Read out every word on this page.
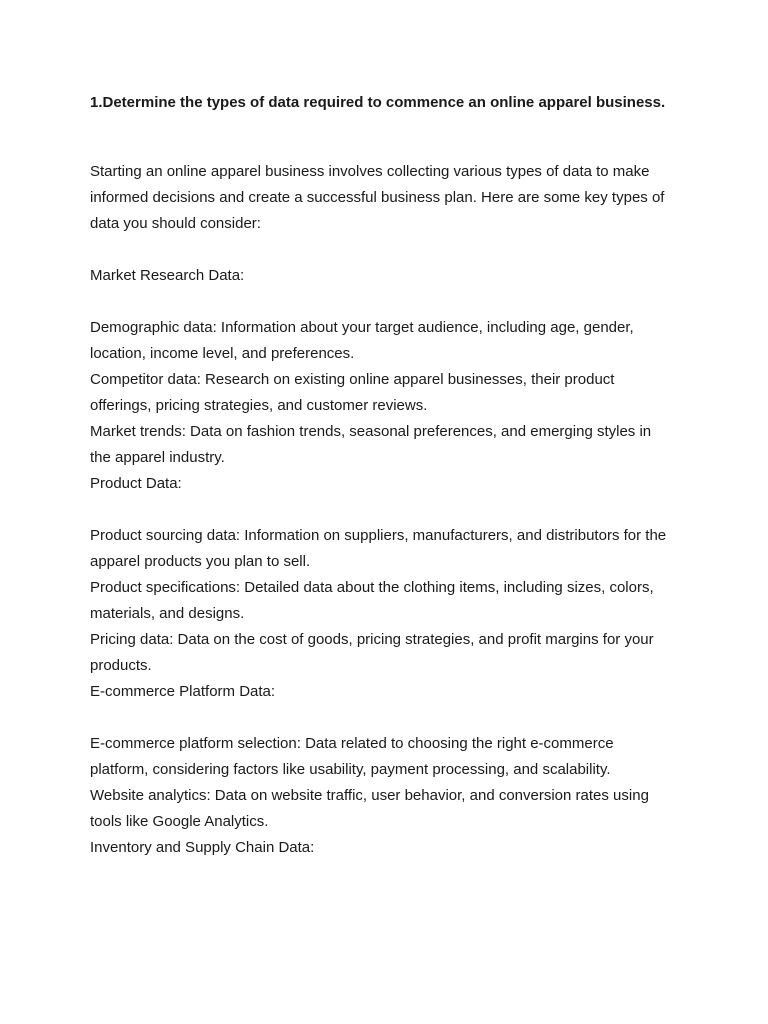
1.Determine the types of data required to commence an online apparel business.

Starting an online apparel business involves collecting various types of data to make

informed decisions and create a successful business plan. Here are some key types of

data you should consider:

Market Research Data:

Demographic data: Information about your target audience, including age, gender,

location, income level, and preferences.

Competitor data: Research on existing online apparel businesses, their product

offerings, pricing strategies, and customer reviews.

Market trends: Data on fashion trends, seasonal preferences, and emerging styles in

the apparel industry.

Product Data:

Product sourcing data: Information on suppliers, manufacturers, and distributors for the

apparel products you plan to sell.

Product specifications: Detailed data about the clothing items, including sizes, colors,

materials, and designs.

Pricing data: Data on the cost of goods, pricing strategies, and profit margins for your

products.

E-commerce Platform Data:

E-commerce platform selection: Data related to choosing the right e-commerce

platform, considering factors like usability, payment processing, and scalability.

Website analytics: Data on website traffic, user behavior, and conversion rates using

tools like Google Analytics.

Inventory and Supply Chain Data:
